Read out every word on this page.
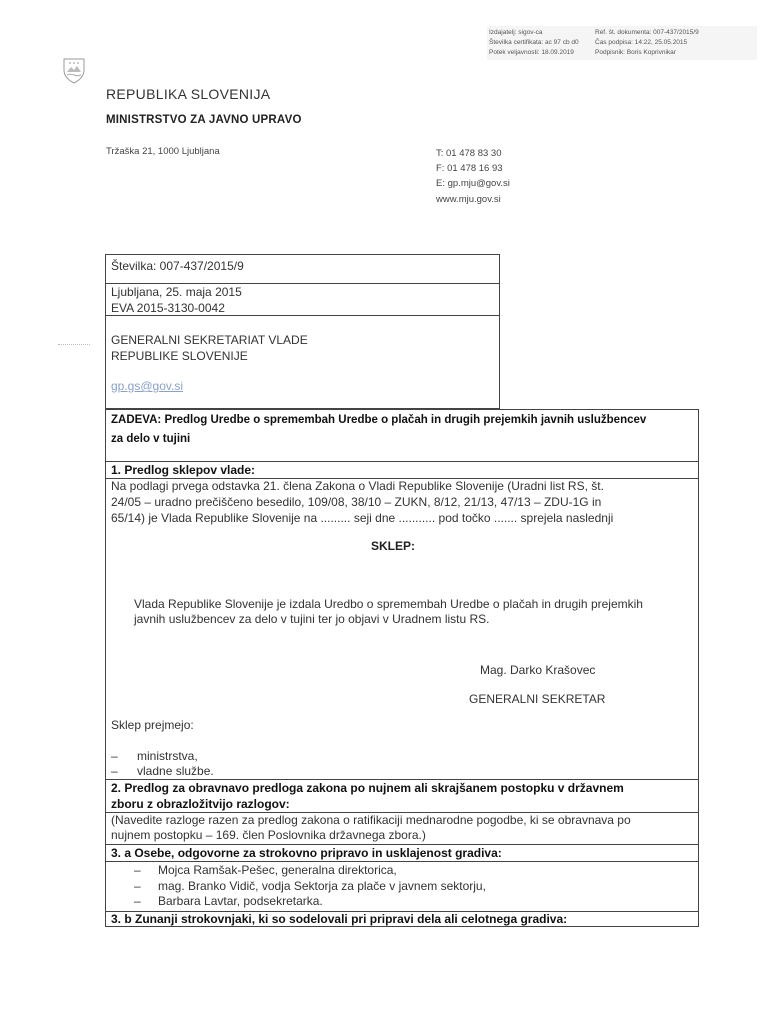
Izdajatelj: sigov-ca
Številka certifikata: ac 97 cb d0
Potek veljavnosti: 18.09.2019
Ref. št. dokumenta: 007-437/2015/9
Čas podpisa: 14:22, 25.05.2015
Podpisnik: Boris Koprivnikar
REPUBLIKA SLOVENIJA
MINISTRSTVO ZA JAVNO UPRAVO
Tržaška 21, 1000 Ljubljana	T: 01 478 83 30
F: 01 478 16 93
E: gp.mju@gov.si
www.mju.gov.si
Številka: 007-437/2015/9
Ljubljana, 25. maja 2015
EVA 2015-3130-0042
GENERALNI SEKRETARIAT VLADE
REPUBLIKE SLOVENIJE
gp.gs@gov.si
ZADEVA: Predlog Uredbe o spremembah Uredbe o plačah in drugih prejemkih javnih uslužbencev
za delo v tujini
1. Predlog sklepov vlade:
Na podlagi prvega odstavka 21. člena Zakona o Vladi Republike Slovenije (Uradni list RS, št.
24/05 – uradno prečiščeno besedilo, 109/08, 38/10 – ZUKN, 8/12, 21/13, 47/13 – ZDU-1G in
65/14) je Vlada Republike Slovenije na ......... seji dne ........... pod točko ....... sprejela naslednji
SKLEP:
Vlada Republike Slovenije je izdala Uredbo o spremembah Uredbe o plačah in drugih prejemkih
javnih uslužbencev za delo v tujini ter jo objavi v Uradnem listu RS.
Mag. Darko Krašovec
GENERALNI SEKRETAR
Sklep prejmejo:
– ministrstva,
– vladne službe.
2. Predlog za obravnavo predloga zakona po nujnem ali skrajšanem postopku v državnem
zboru z obrazložitvijo razlogov:
(Navedite razloge razen za predlog zakona o ratifikaciji mednarodne pogodbe, ki se obravnava po
nujnem postopku – 169. člen Poslovnika državnega zbora.)
3. a Osebe, odgovorne za strokovno pripravo in usklajenost gradiva:
– Mojca Ramšak-Pešec, generalna direktorica,
– mag. Branko Vidič, vodja Sektorja za plače v javnem sektorju,
– Barbara Lavtar, podsekretarka.
3. b Zunanji strokovnjaki, ki so sodelovali pri pripravi dela ali celotnega gradiva:
